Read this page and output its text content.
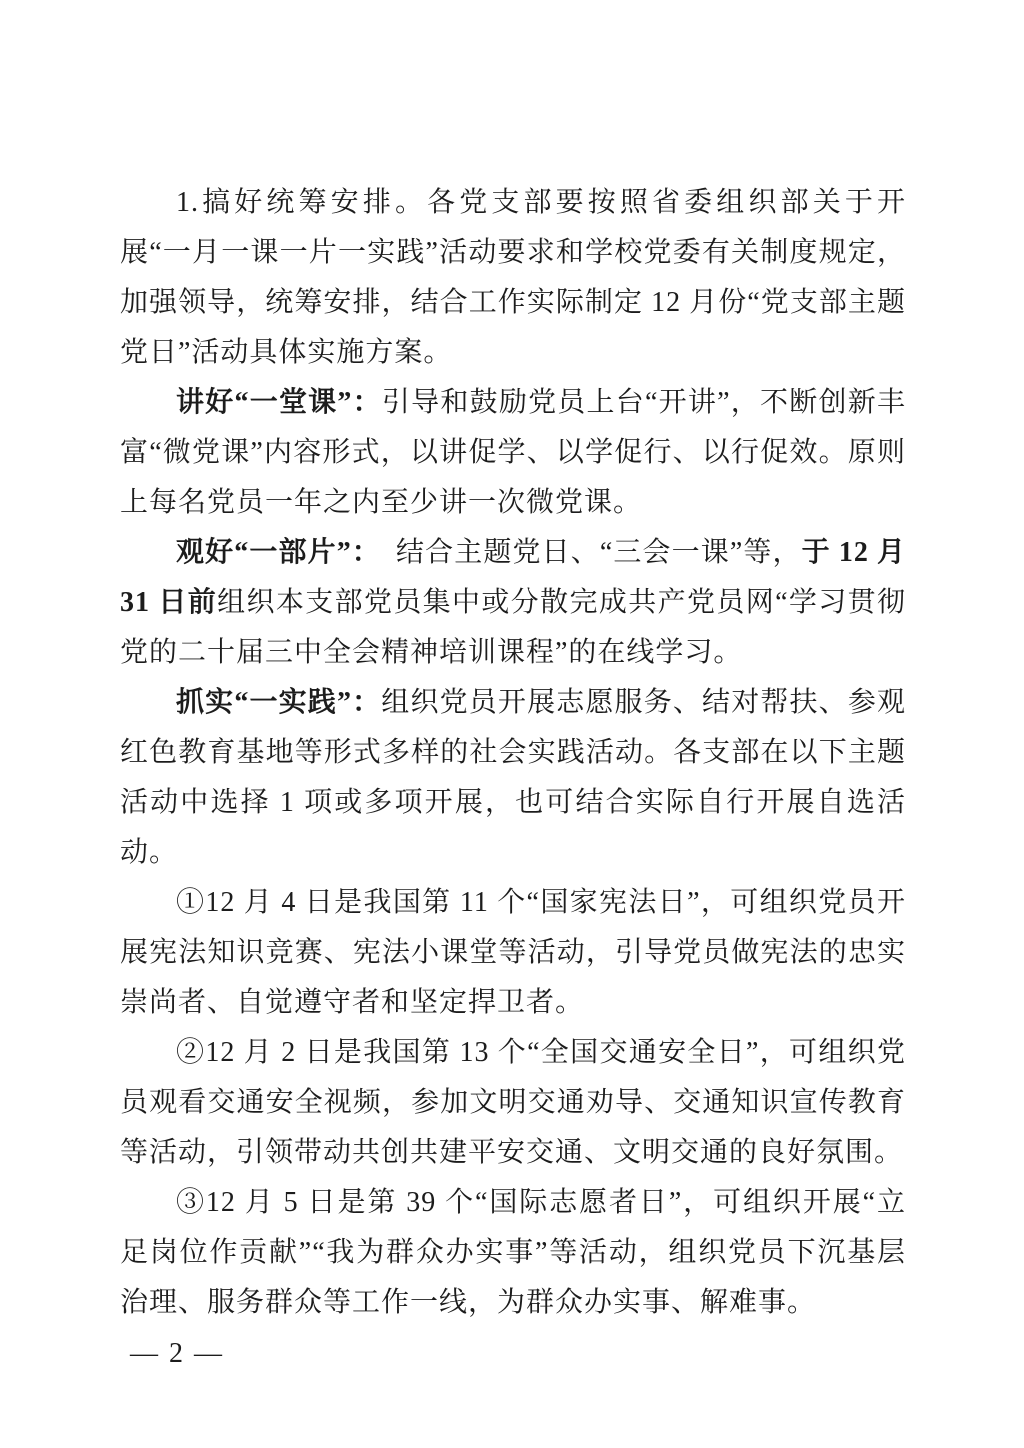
1.搞好统筹安排。各党支部要按照省委组织部关于开展“一月一课一片一实践”活动要求和学校党委有关制度规定，加强领导，统筹安排，结合工作实际制定 12 月份“党支部主题党日”活动具体实施方案。

讲好“一堂课”：引导和鼓励党员上台“开讲”，不断创新丰富“微党课”内容形式，以讲促学、以学促行、以行促效。原则上每名党员一年之内至少讲一次微党课。

观好“一部片”：　结合主题党日、“三会一课”等，于 12 月 31 日前组织本支部党员集中或分散完成共产党员网“学习贯彻党的二十届三中全会精神培训课程”的在线学习。

抓实“一实践”：组织党员开展志愿服务、结对帮扶、参观红色教育基地等形式多样的社会实践活动。各支部在以下主题活动中选择 1 项或多项开展，也可结合实际自行开展自选活动。

①12 月 4 日是我国第 11 个“国家宪法日”，可组织党员开展宪法知识竞赛、宪法小课堂等活动，引导党员做宪法的忠实崇尚者、自觉遵守者和坚定捍卫者。

②12 月 2 日是我国第 13 个“全国交通安全日”，可组织党员观看交通安全视频，参加文明交通劝导、交通知识宣传教育等活动，引领带动共创共建平安交通、文明交通的良好氛围。

③12 月 5 日是第 39 个“国际志愿者日”，可组织开展“立足岗位作贡献”“我为群众办实事”等活动，组织党员下沉基层治理、服务群众等工作一线，为群众办实事、解难事。

— 2 —
